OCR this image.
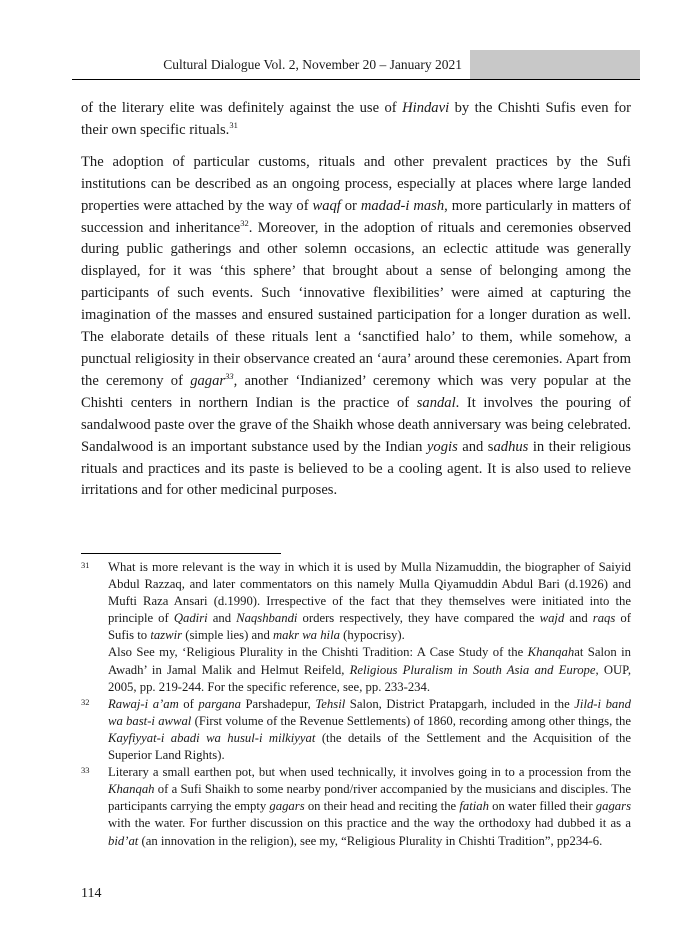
Cultural Dialogue Vol. 2, November 20 – January 2021

of the literary elite was definitely against the use of Hindavi by the Chishti Sufis even for their own specific rituals.$^{31}$

The adoption of particular customs, rituals and other prevalent practices by the Sufi institutions can be described as an ongoing process, especially at places where large landed properties were attached by the way of waqf or madad-i mash, more particularly in matters of succession and inheritance$^{32}$. Moreover, in the adoption of rituals and ceremonies observed during public gatherings and other solemn occasions, an eclectic attitude was generally displayed, for it was ‘this sphere’ that brought about a sense of belonging among the participants of such events. Such ‘innovative flexibilities’ were aimed at capturing the imagination of the masses and ensured sustained participation for a longer duration as well. The elaborate details of these rituals lent a ‘sanctified halo’ to them, while somehow, a punctual religiosity in their observance created an ‘aura’ around these ceremonies. Apart from the ceremony of gagar$^{33}$, another ‘Indianized’ ceremony which was very popular at the Chishti centers in northern Indian is the practice of sandal. It involves the pouring of sandalwood paste over the grave of the Shaikh whose death anniversary was being celebrated. Sandalwood is an important substance used by the Indian yogis and sadhus in their religious rituals and practices and its paste is believed to be a cooling agent. It is also used to relieve irritations and for other medicinal purposes.

31 What is more relevant is the way in which it is used by Mulla Nizamuddin, the biographer of Saiyid Abdul Razzaq, and later commentators on this namely Mulla Qiyamuddin Abdul Bari (d.1926) and Mufti Raza Ansari (d.1990). Irrespective of the fact that they themselves were initiated into the principle of Qadiri and Naqshbandi orders respectively, they have compared the wajd and raqs of Sufis to tazwir (simple lies) and makr wa hila (hypocrisy).

Also See my, ‘Religious Plurality in the Chishti Tradition: A Case Study of the Khanqahat Salon in Awadh’ in Jamal Malik and Helmut Reifeld, Religious Pluralism in South Asia and Europe, OUP, 2005, pp. 219-244. For the specific reference, see, pp. 233-234.

32 Rawaj-i a’am of pargana Parshadepur, Tehsil Salon, District Pratapgarh, included in the Jild-i band wa bast-i awwal (First volume of the Revenue Settlements) of 1860, recording among other things, the Kayfiyyat-i abadi wa husul-i milkiyyat (the details of the Settlement and the Acquisition of the Superior Land Rights).

33 Literary a small earthen pot, but when used technically, it involves going in to a procession from the Khanqah of a Sufi Shaikh to some nearby pond/river accompanied by the musicians and disciples. The participants carrying the empty gagars on their head and reciting the fatiah on water filled their gagars with the water. For further discussion on this practice and the way the orthodoxy had dubbed it as a bid’at (an innovation in the religion), see my, “Religious Plurality in Chishti Tradition”, pp234-6.

114
